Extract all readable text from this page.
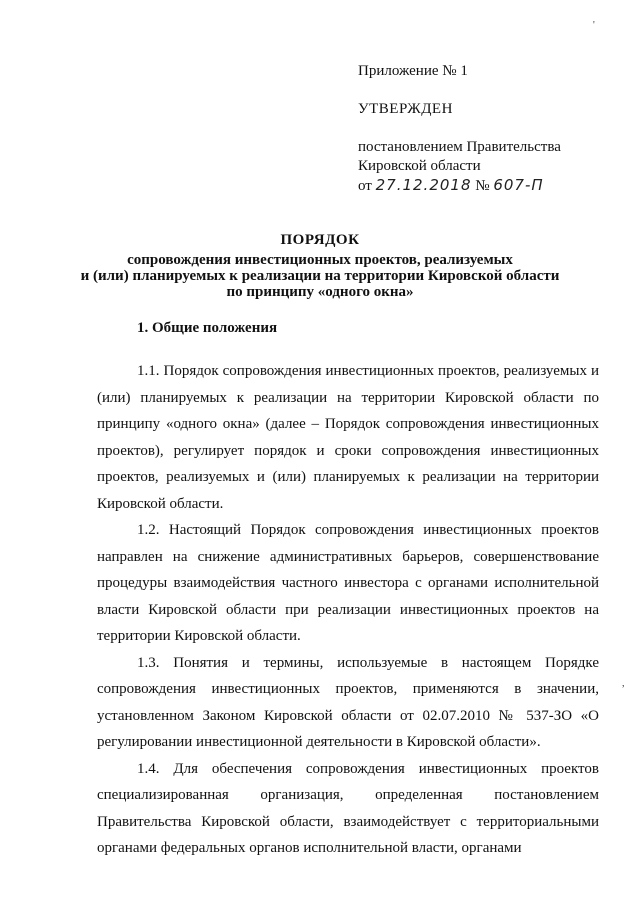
Приложение № 1
УТВЕРЖДЕН
постановлением Правительства
Кировской области
от 27.12.2018 № 607-П
ПОРЯДОК
сопровождения инвестиционных проектов, реализуемых
и (или) планируемых к реализации на территории Кировской области
по принципу «одного окна»
1. Общие положения

1.1. Порядок сопровождения инвестиционных проектов, реализуемых и (или) планируемых к реализации на территории Кировской области по принципу «одного окна» (далее – Порядок сопровождения инвестиционных проектов), регулирует порядок и сроки сопровождения инвестиционных проектов, реализуемых и (или) планируемых к реализации на территории Кировской области.

1.2. Настоящий Порядок сопровождения инвестиционных проектов направлен на снижение административных барьеров, совершенствование процедуры взаимодействия частного инвестора с органами исполнительной власти Кировской области при реализации инвестиционных проектов на территории Кировской области.

1.3. Понятия и термины, используемые в настоящем Порядке сопровождения инвестиционных проектов, применяются в значении, установленном Законом Кировской области от 02.07.2010 № 537-ЗО «О регулировании инвестиционной деятельности в Кировской области».

1.4. Для обеспечения сопровождения инвестиционных проектов специализированная организация, определенная постановлением Правительства Кировской области, взаимодействует с территориальными органами федеральных органов исполнительной власти, органами

'
,
